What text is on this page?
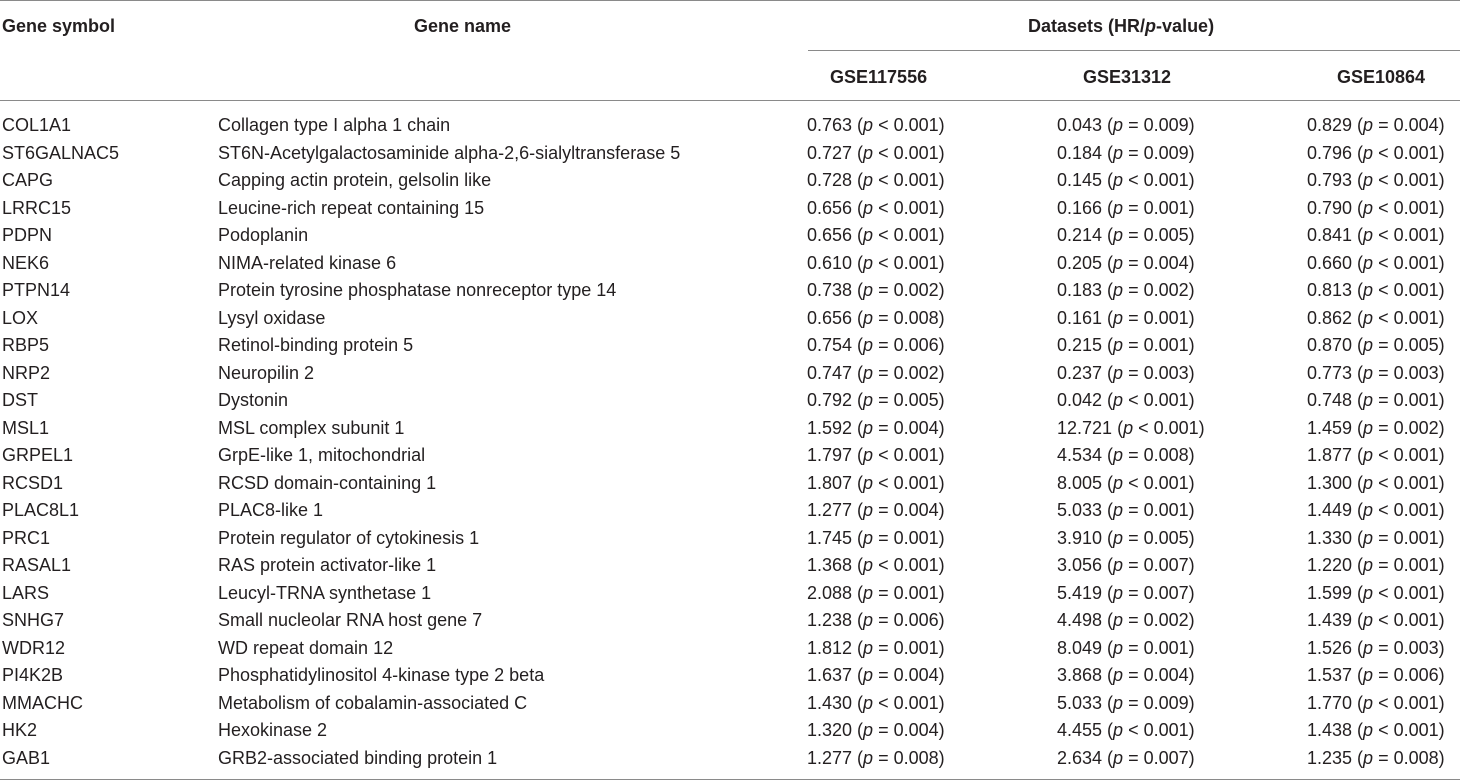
Gene symbol	Gene name	Datasets (HR/p-value)
GSE117556	GSE31312	GSE10864
COL1A1	Collagen type I alpha 1 chain	0.763 (p < 0.001)	0.043 (p = 0.009)	0.829 (p = 0.004)
ST6GALNAC5	ST6N-Acetylgalactosaminide alpha-2,6-sialyltransferase 5	0.727 (p < 0.001)	0.184 (p = 0.009)	0.796 (p < 0.001)
CAPG	Capping actin protein, gelsolin like	0.728 (p < 0.001)	0.145 (p < 0.001)	0.793 (p < 0.001)
LRRC15	Leucine-rich repeat containing 15	0.656 (p < 0.001)	0.166 (p = 0.001)	0.790 (p < 0.001)
PDPN	Podoplanin	0.656 (p < 0.001)	0.214 (p = 0.005)	0.841 (p < 0.001)
NEK6	NIMA-related kinase 6	0.610 (p < 0.001)	0.205 (p = 0.004)	0.660 (p < 0.001)
PTPN14	Protein tyrosine phosphatase nonreceptor type 14	0.738 (p = 0.002)	0.183 (p = 0.002)	0.813 (p < 0.001)
LOX	Lysyl oxidase	0.656 (p = 0.008)	0.161 (p = 0.001)	0.862 (p < 0.001)
RBP5	Retinol-binding protein 5	0.754 (p = 0.006)	0.215 (p = 0.001)	0.870 (p = 0.005)
NRP2	Neuropilin 2	0.747 (p = 0.002)	0.237 (p = 0.003)	0.773 (p = 0.003)
DST	Dystonin	0.792 (p = 0.005)	0.042 (p < 0.001)	0.748 (p = 0.001)
MSL1	MSL complex subunit 1	1.592 (p = 0.004)	12.721 (p < 0.001)	1.459 (p = 0.002)
GRPEL1	GrpE-like 1, mitochondrial	1.797 (p < 0.001)	4.534 (p = 0.008)	1.877 (p < 0.001)
RCSD1	RCSD domain-containing 1	1.807 (p < 0.001)	8.005 (p < 0.001)	1.300 (p < 0.001)
PLAC8L1	PLAC8-like 1	1.277 (p = 0.004)	5.033 (p = 0.001)	1.449 (p < 0.001)
PRC1	Protein regulator of cytokinesis 1	1.745 (p = 0.001)	3.910 (p = 0.005)	1.330 (p = 0.001)
RASAL1	RAS protein activator-like 1	1.368 (p < 0.001)	3.056 (p = 0.007)	1.220 (p = 0.001)
LARS	Leucyl-TRNA synthetase 1	2.088 (p = 0.001)	5.419 (p = 0.007)	1.599 (p < 0.001)
SNHG7	Small nucleolar RNA host gene 7	1.238 (p = 0.006)	4.498 (p = 0.002)	1.439 (p < 0.001)
WDR12	WD repeat domain 12	1.812 (p = 0.001)	8.049 (p = 0.001)	1.526 (p = 0.003)
PI4K2B	Phosphatidylinositol 4-kinase type 2 beta	1.637 (p = 0.004)	3.868 (p = 0.004)	1.537 (p = 0.006)
MMACHC	Metabolism of cobalamin-associated C	1.430 (p < 0.001)	5.033 (p = 0.009)	1.770 (p < 0.001)
HK2	Hexokinase 2	1.320 (p = 0.004)	4.455 (p < 0.001)	1.438 (p < 0.001)
GAB1	GRB2-associated binding protein 1	1.277 (p = 0.008)	2.634 (p = 0.007)	1.235 (p = 0.008)
